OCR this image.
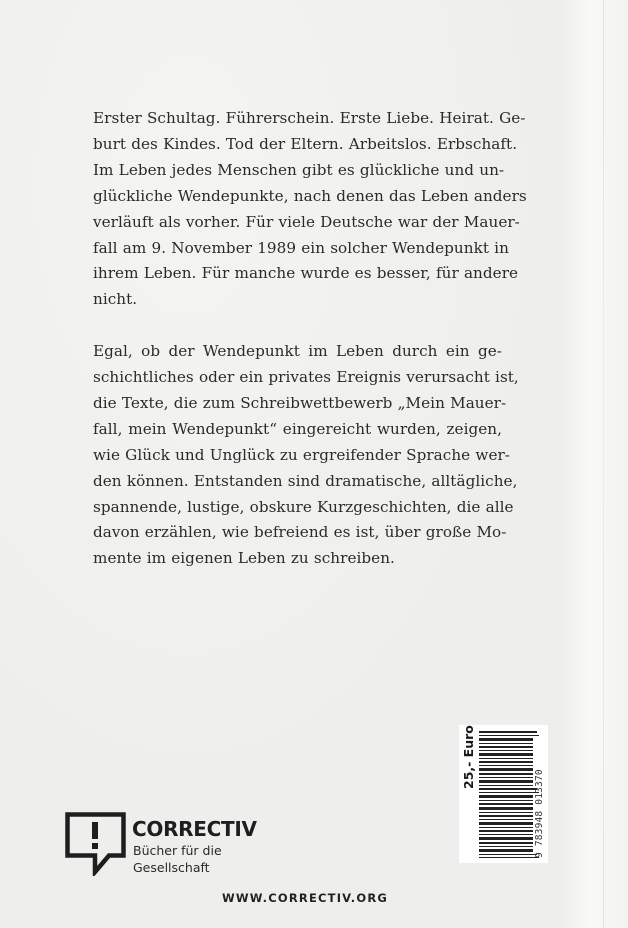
Erster Schultag. Führerschein. Erste Liebe. Heirat. Ge-
burt des Kindes. Tod der Eltern. Arbeitslos. Erbschaft.
Im Leben jedes Menschen gibt es glückliche und un-
glückliche Wendepunkte, nach denen das Leben anders
verläuft als vorher. Für viele Deutsche war der Mauer-
fall am 9. November 1989 ein solcher Wendepunkt in
ihrem Leben. Für manche wurde es besser, für andere
nicht.

Egal, ob der Wendepunkt im Leben durch ein ge-
schichtliches oder ein privates Ereignis verursacht ist,
die Texte, die zum Schreibwettbewerb „Mein Mauer-
fall, mein Wendepunkt“ eingereicht wurden, zeigen,
wie Glück und Unglück zu ergreifender Sprache wer-
den können. Entstanden sind dramatische, alltägliche,
spannende, lustige, obskure Kurzgeschichten, die alle
davon erzählen, wie befreiend es ist, über große Mo-
mente im eigenen Leben zu schreiben.

25,- Euro
9 783948 013370
CORRECTIV
Bücher für die
Gesellschaft
WWW.CORRECTIV.ORG
